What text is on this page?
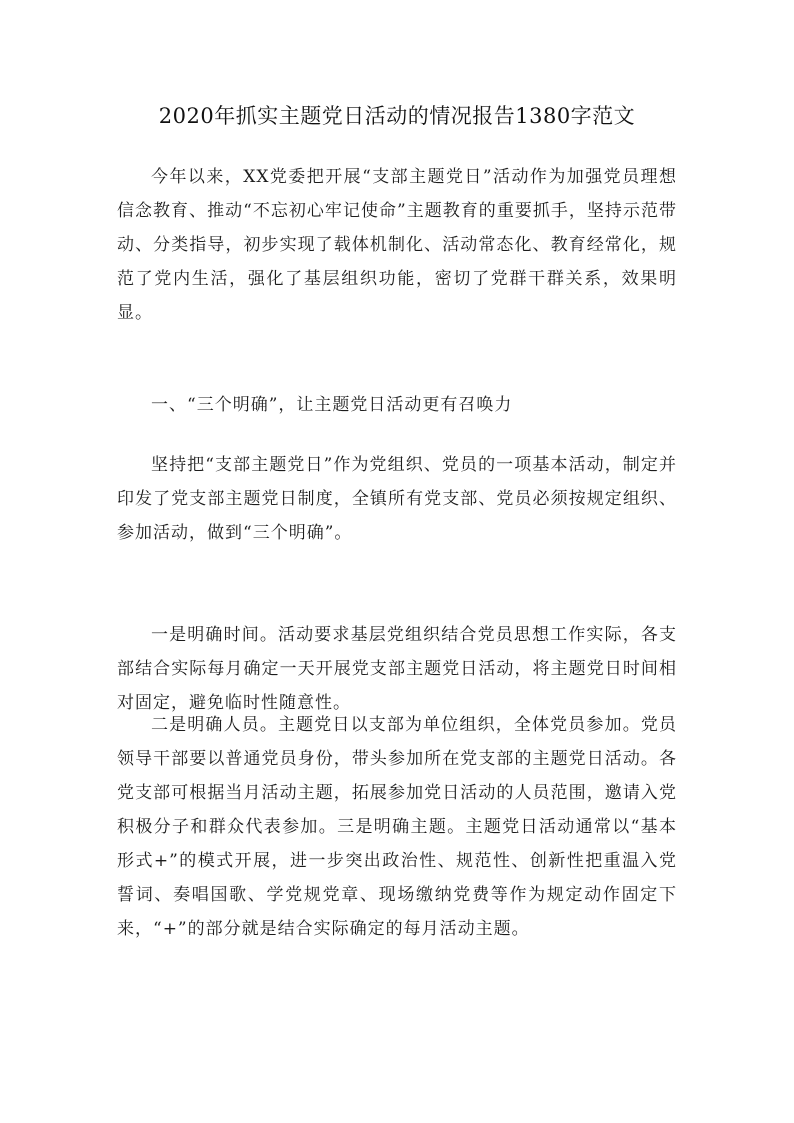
2020年抓实主题党日活动的情况报告1380字范文

今年以来，XX党委把开展“支部主题党日”活动作为加强党员理想信念教育、推动“不忘初心牢记使命”主题教育的重要抓手，坚持示范带动、分类指导，初步实现了载体机制化、活动常态化、教育经常化，规范了党内生活，强化了基层组织功能，密切了党群干群关系，效果明显。

一、“三个明确”，让主题党日活动更有召唤力

坚持把“支部主题党日”作为党组织、党员的一项基本活动，制定并印发了党支部主题党日制度，全镇所有党支部、党员必须按规定组织、参加活动，做到“三个明确”。

一是明确时间。活动要求基层党组织结合党员思想工作实际，各支部结合实际每月确定一天开展党支部主题党日活动，将主题党日时间相对固定，避免临时性随意性。

二是明确人员。主题党日以支部为单位组织，全体党员参加。党员领导干部要以普通党员身份，带头参加所在党支部的主题党日活动。各党支部可根据当月活动主题，拓展参加党日活动的人员范围，邀请入党积极分子和群众代表参加。三是明确主题。主题党日活动通常以“基本形式+”的模式开展，进一步突出政治性、规范性、创新性把重温入党誓词、奏唱国歌、学党规党章、现场缴纳党费等作为规定动作固定下来，“+”的部分就是结合实际确定的每月活动主题。
